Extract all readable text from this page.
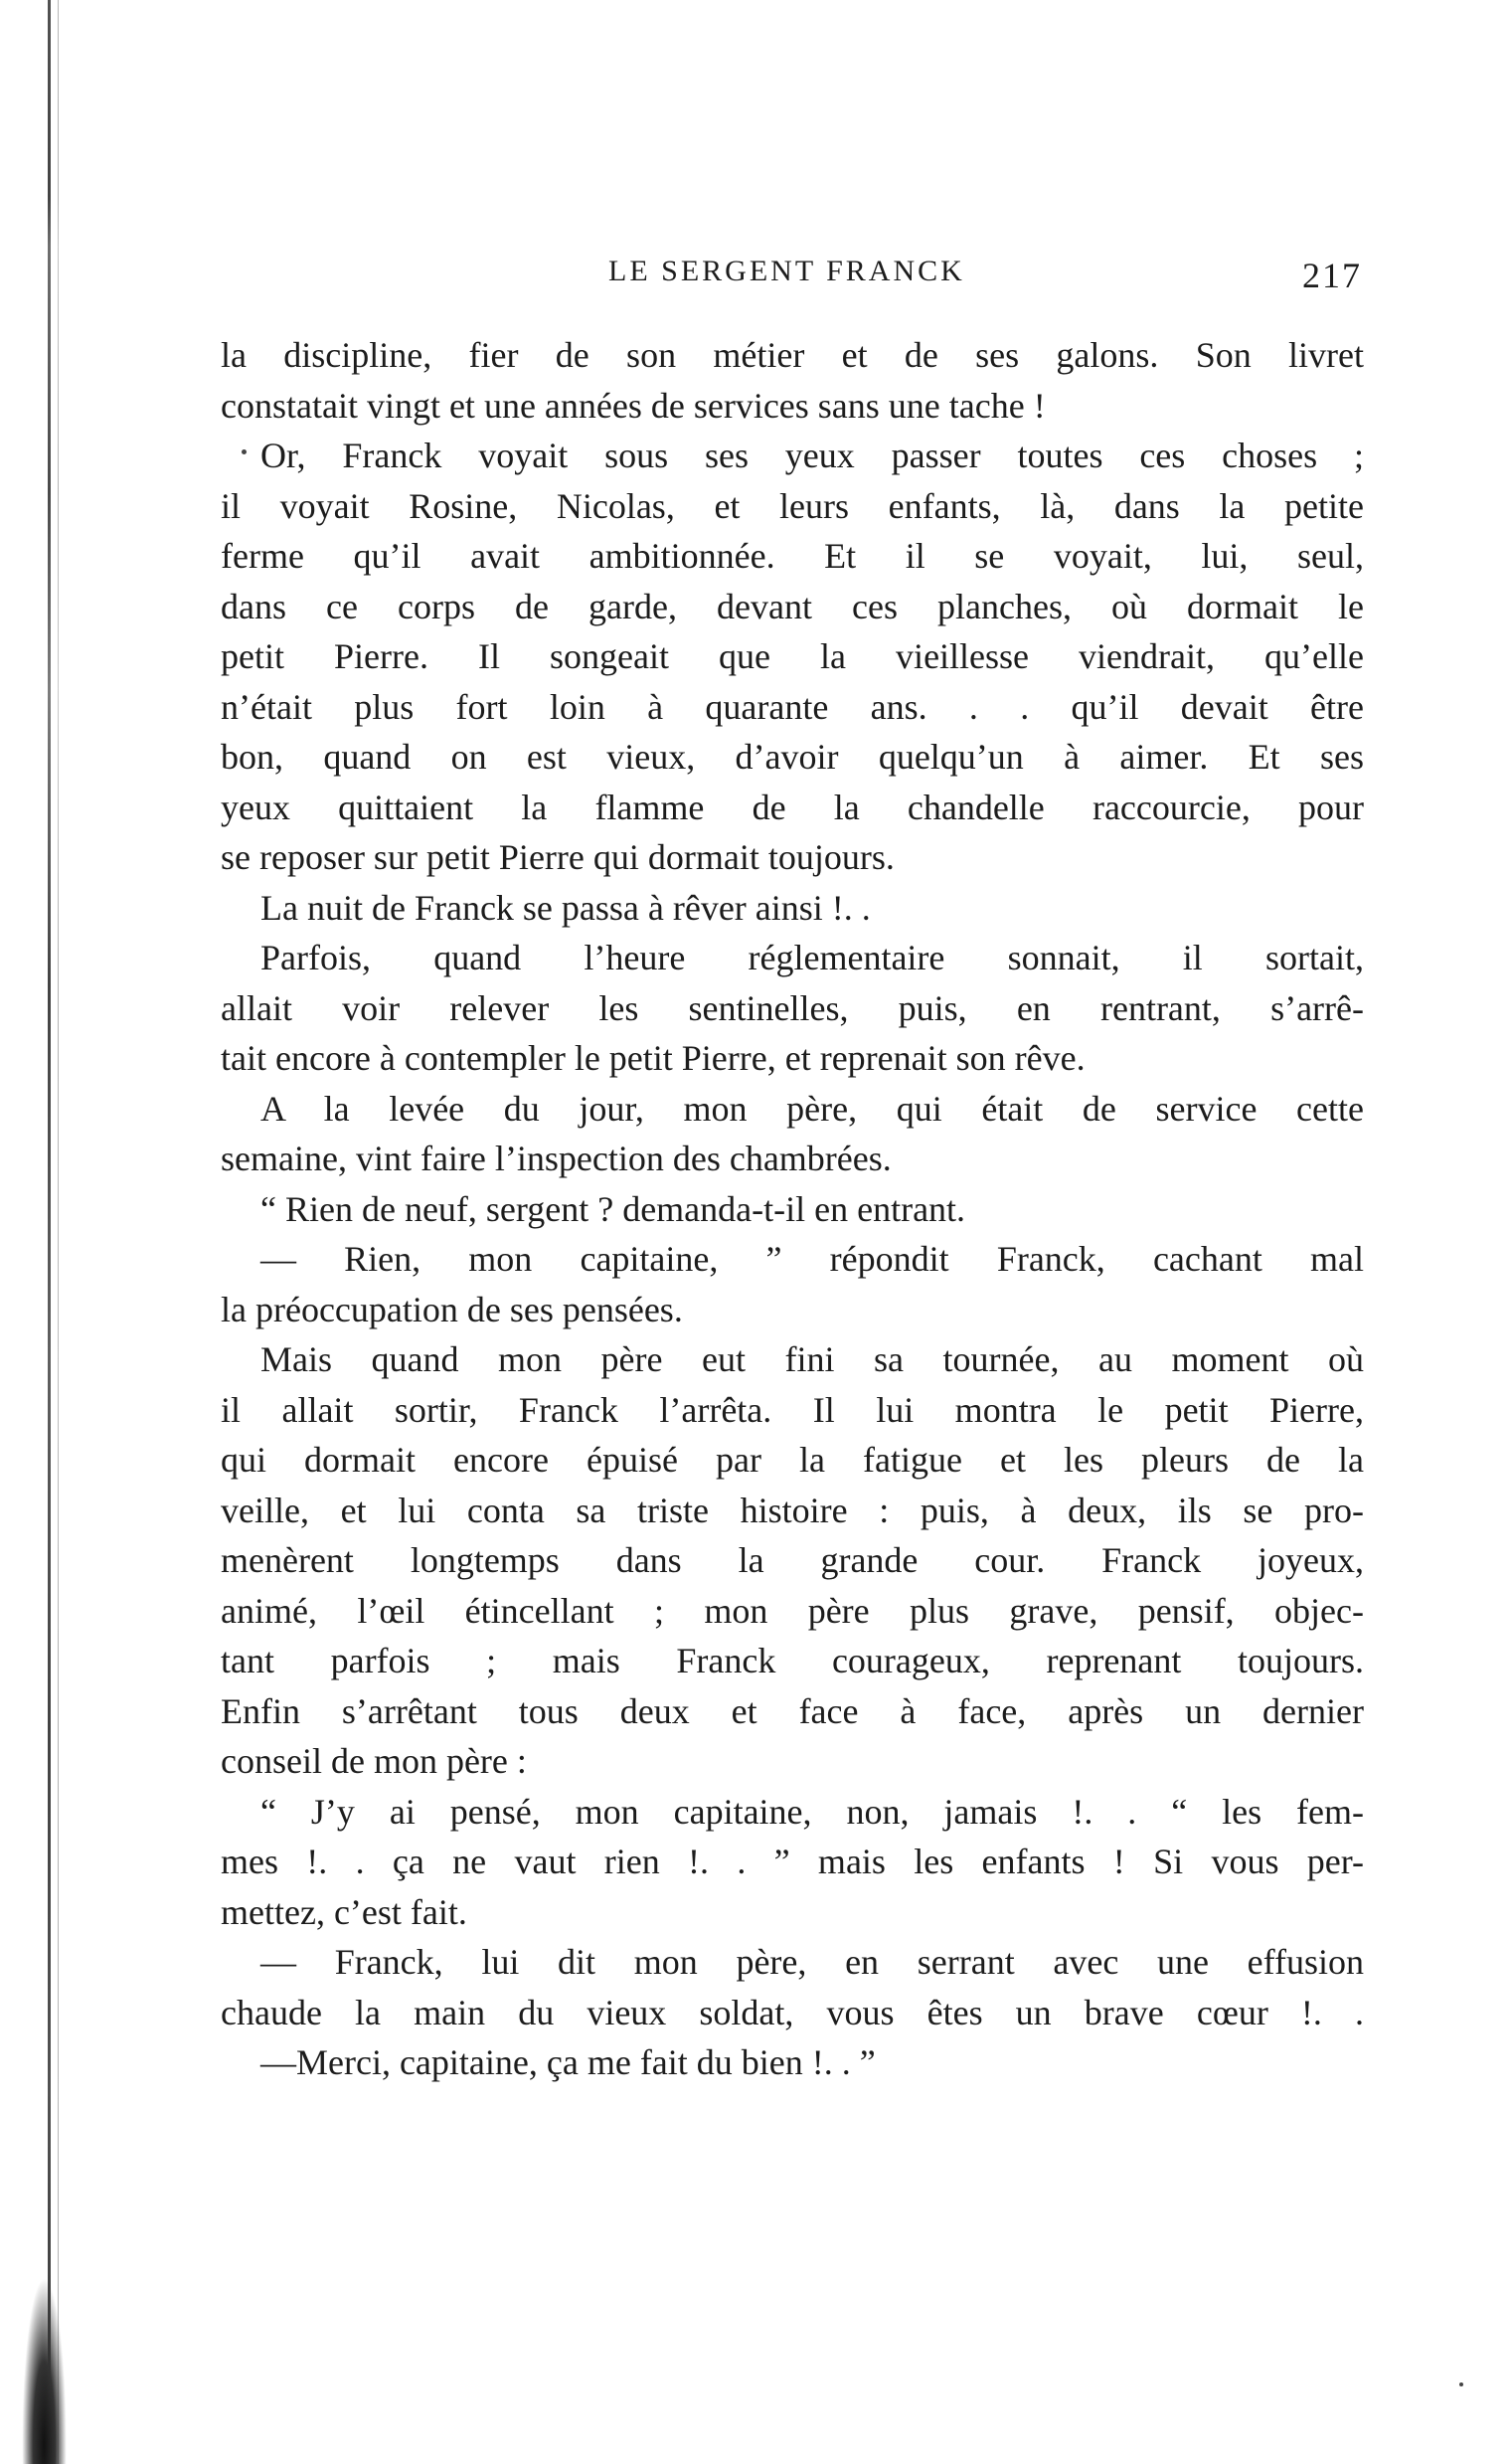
LE SERGENT FRANCK	217
la discipline, fier de son métier et de ses galons. Son livret
constatait vingt et une années de services sans une tache !
Or, Franck voyait sous ses yeux passer toutes ces choses ;
il voyait Rosine, Nicolas, et leurs enfants, là, dans la petite
ferme qu’il avait ambitionnée. Et il se voyait, lui, seul,
dans ce corps de garde, devant ces planches, où dormait le
petit Pierre. Il songeait que la vieillesse viendrait, qu’elle
n’était plus fort loin à quarante ans. . . qu’il devait être
bon, quand on est vieux, d’avoir quelqu’un à aimer. Et ses
yeux quittaient la flamme de la chandelle raccourcie, pour
se reposer sur petit Pierre qui dormait toujours.
La nuit de Franck se passa à rêver ainsi !. .
Parfois, quand l’heure réglementaire sonnait, il sortait,
allait voir relever les sentinelles, puis, en rentrant, s’arrê-
tait encore à contempler le petit Pierre, et reprenait son rêve.
A la levée du jour, mon père, qui était de service cette
semaine, vint faire l’inspection des chambrées.
“ Rien de neuf, sergent ? demanda-t-il en entrant.
— Rien, mon capitaine, ” répondit Franck, cachant mal
la préoccupation de ses pensées.
Mais quand mon père eut fini sa tournée, au moment où
il allait sortir, Franck l’arrêta. Il lui montra le petit Pierre,
qui dormait encore épuisé par la fatigue et les pleurs de la
veille, et lui conta sa triste histoire : puis, à deux, ils se pro-
menèrent longtemps dans la grande cour. Franck joyeux,
animé, l’œil étincellant ; mon père plus grave, pensif, objec-
tant parfois ; mais Franck courageux, reprenant toujours.
Enfin s’arrêtant tous deux et face à face, après un dernier
conseil de mon père :
“ J’y ai pensé, mon capitaine, non, jamais !. . “ les fem-
mes !. . ça ne vaut rien !. . ” mais les enfants ! Si vous per-
mettez, c’est fait.
— Franck, lui dit mon père, en serrant avec une effusion
chaude la main du vieux soldat, vous êtes un brave cœur !. .
—Merci, capitaine, ça me fait du bien !. . ”
